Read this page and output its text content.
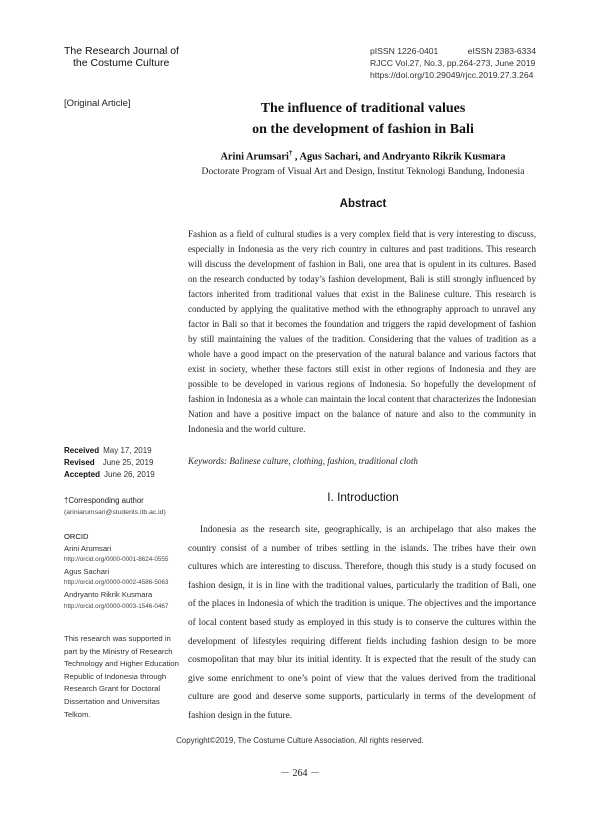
The Research Journal of
the Costume Culture
pISSN 1226-0401	eISSN 2383-6334
RJCC Vol.27, No.3, pp.264-273, June 2019
https://doi.org/10.29049/rjcc.2019.27.3.264
[Original Article]	The influence of traditional values
on the development of fashion in Bali
Arini Arumsari† , Agus Sachari, and Andryanto Rikrik Kusmara
Doctorate Program of Visual Art and Design, Institut Teknologi Bandung, Indonesia
Abstract

Fashion as a field of cultural studies is a very complex field that is very interesting to discuss, especially in Indonesia as the very rich country in cultures and past traditions. This research will discuss the development of fashion in Bali, one area that is opulent in its cultures. Based on the research conducted by today’s fashion development, Bali is still strongly influenced by factors inherited from traditional values that exist in the Balinese culture. This research is conducted by applying the qualitative method with the ethnography approach to unravel any factor in Bali so that it becomes the foundation and triggers the rapid development of fashion by still maintaining the values of the tradition. Considering that the values of tradition as a whole have a good impact on the preservation of the natural balance and various factors that exist in society, whether these factors still exist in other regions of Indonesia and they are possible to be developed in various regions of Indonesia. So hopefully the development of fashion in Indonesia as a whole can maintain the local content that characterizes the Indonesian Nation and have a positive impact on the balance of nature and also to the community in Indonesia and the world culture.

Keywords: Balinese culture, clothing, fashion, traditional cloth
I. Introduction

Indonesia as the research site, geographically, is an archipelago that also makes the country consist of a number of tribes settling in the islands. The tribes have their own cultures which are interesting to discuss. Therefore, though this study is a study focused on fashion design, it is in line with the traditional values, particularly the tradition of Bali, one of the places in Indonesia of which the tradition is unique. The objectives and the importance of local content based study as employed in this study is to conserve the cultures within the development of lifestyles requiring different fields including fashion design to be more cosmopolitan that may blur its initial identity. It is expected that the result of the study can give some enrichment to one’s point of view that the values derived from the traditional culture are good and deserve some supports, particularly in terms of the development of fashion design in the future.

Received May 17, 2019
Revised June 25, 2019
Accepted June 26, 2019
†Corresponding author
(ariniarumsari@students.itb.ac.id)
ORCID
Arini Arumsari
http://orcid.org/0000-0001-8624-0555
Agus Sachari
http://orcid.org/0000-0002-4586-5063
Andryanto Rikrik Kusmara
http://orcid.org/0000-0003-1546-0467

This research was supported in part by the Ministry of Research Technology and Higher Education Republic of Indonesia through Research Grant for Doctoral Dissertation and Universitas Telkom.

Copyright©2019, The Costume Culture Association. All rights reserved.
－ 264 －
